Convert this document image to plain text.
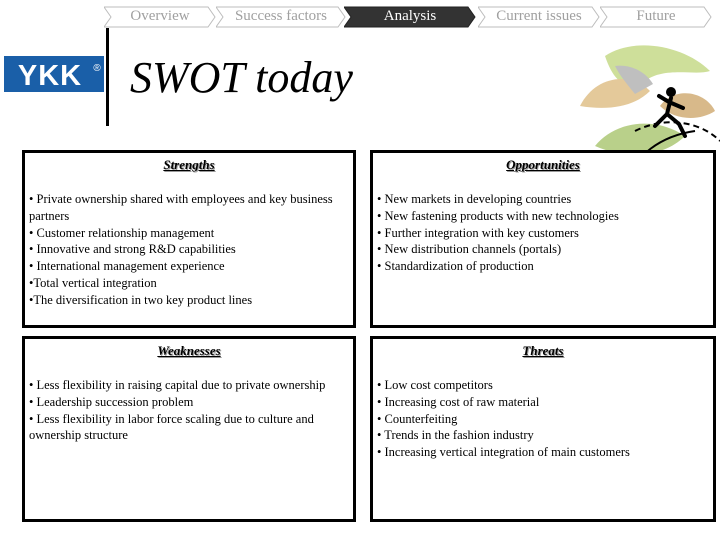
Overview	Success factors	Analysis	Current issues	Future
YKK ® SWOT today
Strengths
• Private ownership shared with employees and key business partners
• Customer relationship management
• Innovative and strong R&D capabilities
• International management experience
•Total vertical integration
•The diversification in two key product lines
Opportunities
• New markets in developing countries
• New fastening products with new technologies
• Further integration with key customers
• New distribution channels (portals)
• Standardization of production
Weaknesses
• Less flexibility in raising capital due to private ownership
• Leadership succession problem
• Less flexibility in labor force scaling due to culture and ownership structure
Threats
• Low cost competitors
• Increasing cost of raw material
• Counterfeiting
• Trends in the fashion industry
• Increasing vertical integration of main customers
